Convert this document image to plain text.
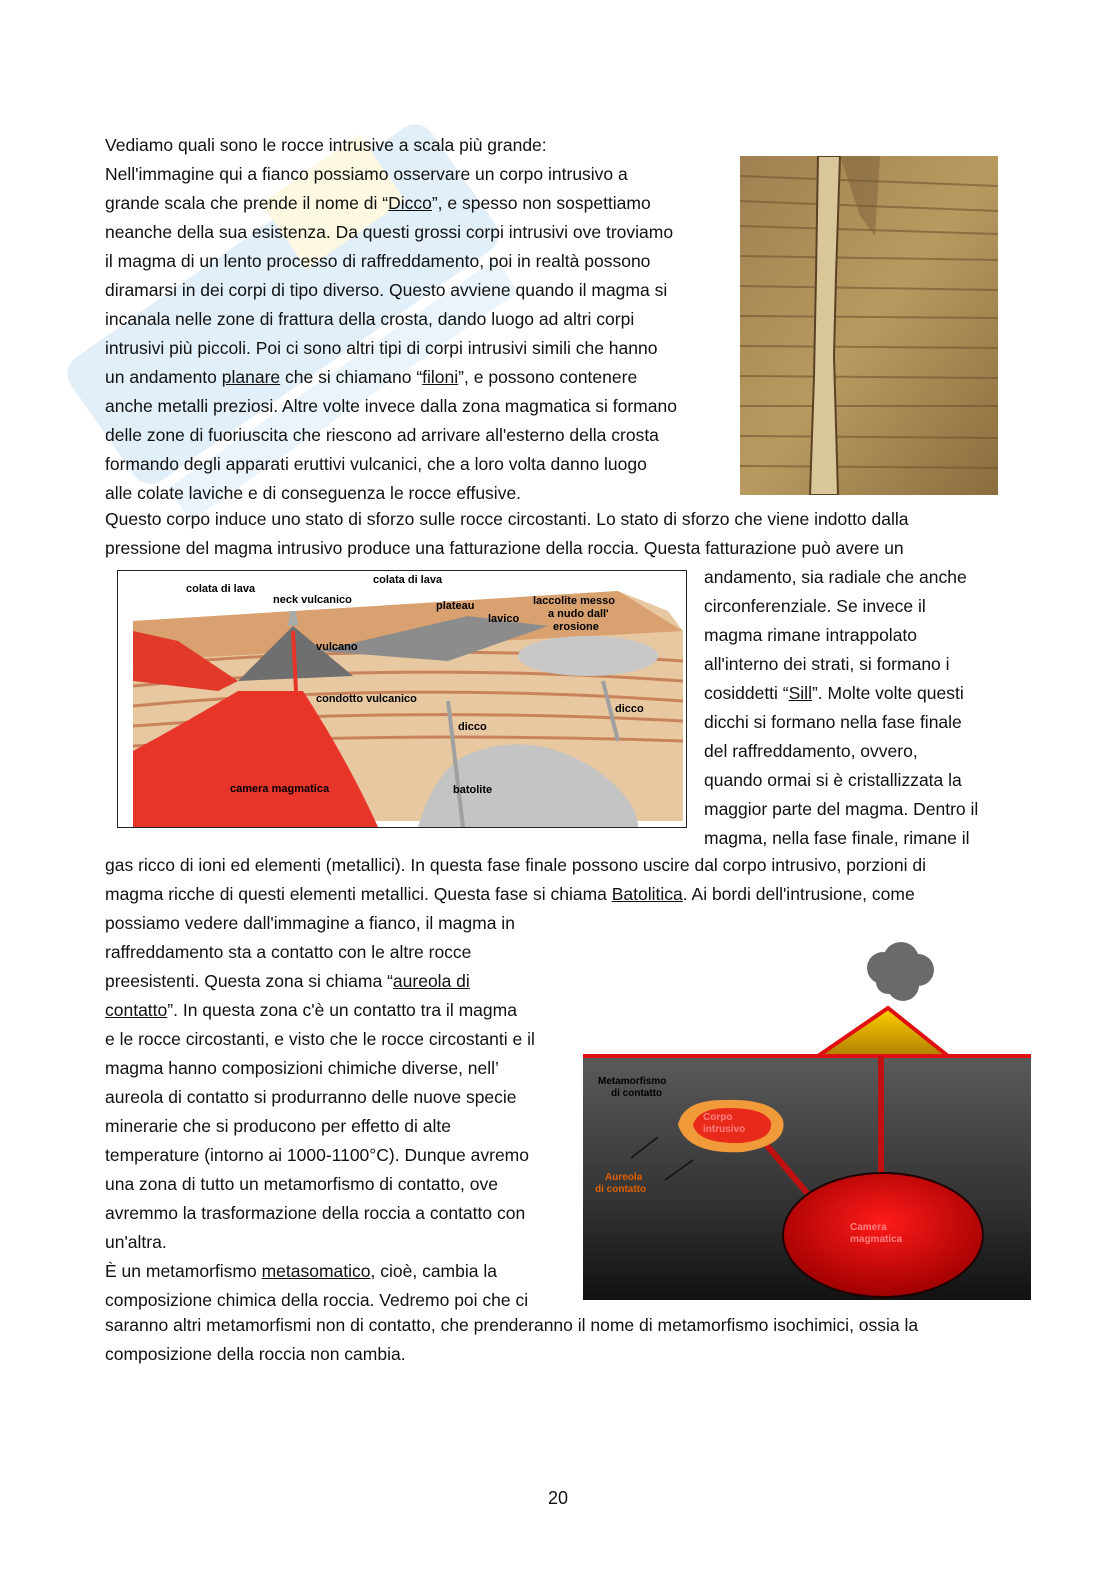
Vediamo quali sono le rocce intrusive a scala più grande:
Nell'immagine qui a fianco possiamo osservare un corpo intrusivo a
grande scala che prende il nome di “Dicco”, e spesso non sospettiamo
neanche della sua esistenza. Da questi grossi corpi intrusivi ove troviamo
il magma di un lento processo di raffreddamento, poi in realtà possono
diramarsi in dei corpi di tipo diverso. Questo avviene quando il magma si
incanala nelle zone di frattura della crosta, dando luogo ad altri corpi
intrusivi più piccoli. Poi ci sono altri tipi di corpi intrusivi simili che hanno
un andamento planare che si chiamano “filoni”, e possono contenere
anche metalli preziosi. Altre volte invece dalla zona magmatica si formano
delle zone di fuoriuscita che riescono ad arrivare all'esterno della crosta
formando degli apparati eruttivi vulcanici, che a loro volta danno luogo
alle colate laviche e di conseguenza le rocce effusive.

Questo corpo induce uno stato di sforzo sulle rocce circostanti. Lo stato di sforzo che viene indotto dalla
pressione del magma intrusivo produce una fatturazione della roccia. Questa fatturazione può avere un

colata di lava
colata di lava
neck vulcanico	plateau
lavico
laccolite messo
a nudo dall'
erosione
vulcano
condotto vulcanico
dicco
dicco
camera magmatica	batolite

andamento, sia radiale che anche
circonferenziale. Se invece il
magma rimane intrappolato
all'interno dei strati, si formano i
cosiddetti “Sill”. Molte volte questi
dicchi si formano nella fase finale
del raffreddamento, ovvero,
quando ormai si è cristallizzata la
maggior parte del magma. Dentro il
magma, nella fase finale, rimane il

gas ricco di ioni ed elementi (metallici). In questa fase finale possono uscire dal corpo intrusivo, porzioni di
magma ricche di questi elementi metallici. Questa fase si chiama Batolitica. Ai bordi dell'intrusione, come

possiamo vedere dall'immagine a fianco, il magma in
raffreddamento sta a contatto con le altre rocce
preesistenti. Questa zona si chiama “aureola di
contatto”. In questa zona c'è un contatto tra il magma
e le rocce circostanti, e visto che le rocce circostanti e il
magma hanno composizioni chimiche diverse, nell’
aureola di contatto si produrranno delle nuove specie
minerarie che si producono per effetto di alte
temperature (intorno ai 1000-1100°C). Dunque avremo
una zona di tutto un metamorfismo di contatto, ove
avremmo la trasformazione della roccia a contatto con
un'altra.
È un metamorfismo metasomatico, cioè, cambia la
composizione chimica della roccia. Vedremo poi che ci

Metamorfismo
di contatto
Corpo
intrusivo
Aureola
di contatto
Camera
magmatica

saranno altri metamorfismi non di contatto, che prenderanno il nome di metamorfismo isochimici, ossia la
composizione della roccia non cambia.

20
